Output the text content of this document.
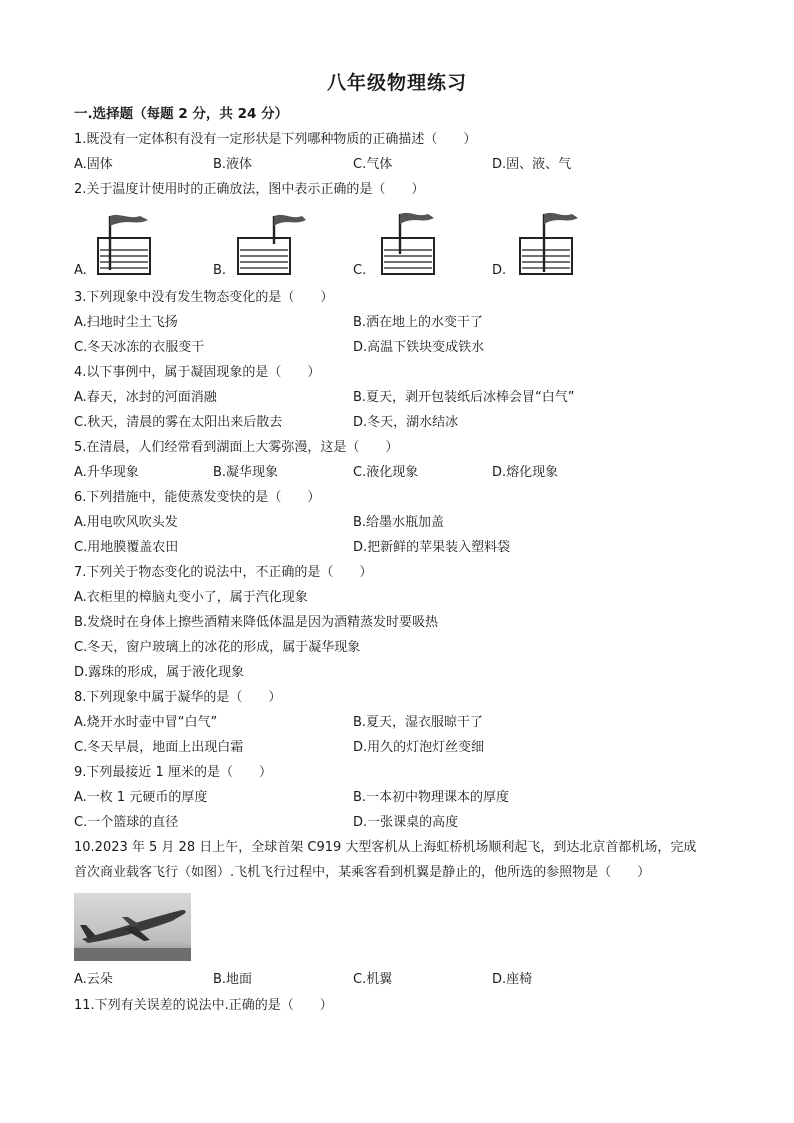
八年级物理练习
一.选择题（每题 2 分，共 24 分）
1.既没有一定体积有没有一定形状是下列哪种物质的正确描述（　　）
A.固体	B.液体	C.气体	D.固、液、气
2.关于温度计使用时的正确放法，图中表示正确的是（　　）
A.	B.	C.	D.
3.下列现象中没有发生物态变化的是（　　）
A.扫地时尘土飞扬	B.洒在地上的水变干了
C.冬天冰冻的衣服变干	D.高温下铁块变成铁水
4.以下事例中，属于凝固现象的是（　　）
A.春天，冰封的河面消融	B.夏天，剥开包装纸后冰棒会冒“白气”
C.秋天，清晨的雾在太阳出来后散去	D.冬天，湖水结冰
5.在清晨，人们经常看到湖面上大雾弥漫，这是（　　）
A.升华现象	B.凝华现象	C.液化现象	D.熔化现象
6.下列措施中，能使蒸发变快的是（　　）
A.用电吹风吹头发	B.给墨水瓶加盖
C.用地膜覆盖农田	D.把新鲜的苹果装入塑料袋
7.下列关于物态变化的说法中，不正确的是（　　）
A.衣柜里的樟脑丸变小了，属于汽化现象
B.发烧时在身体上擦些酒精来降低体温是因为酒精蒸发时要吸热
C.冬天，窗户玻璃上的冰花的形成，属于凝华现象
D.露珠的形成，属于液化现象
8.下列现象中属于凝华的是（　　）
A.烧开水时壶中冒“白气”	B.夏天，湿衣服晾干了
C.冬天早晨，地面上出现白霜	D.用久的灯泡灯丝变细
9.下列最接近 1 厘米的是（　　）
A.一枚 1 元硬币的厚度	B.一本初中物理课本的厚度
C.一个篮球的直径	D.一张课桌的高度
10.2023 年 5 月 28 日上午，全球首架 C919 大型客机从上海虹桥机场顺利起飞，到达北京首都机场，完成
首次商业载客飞行（如图）.飞机飞行过程中，某乘客看到机翼是静止的，他所选的参照物是（　　）
A.云朵	B.地面	C.机翼	D.座椅
11.下列有关误差的说法中.正确的是（　　）
